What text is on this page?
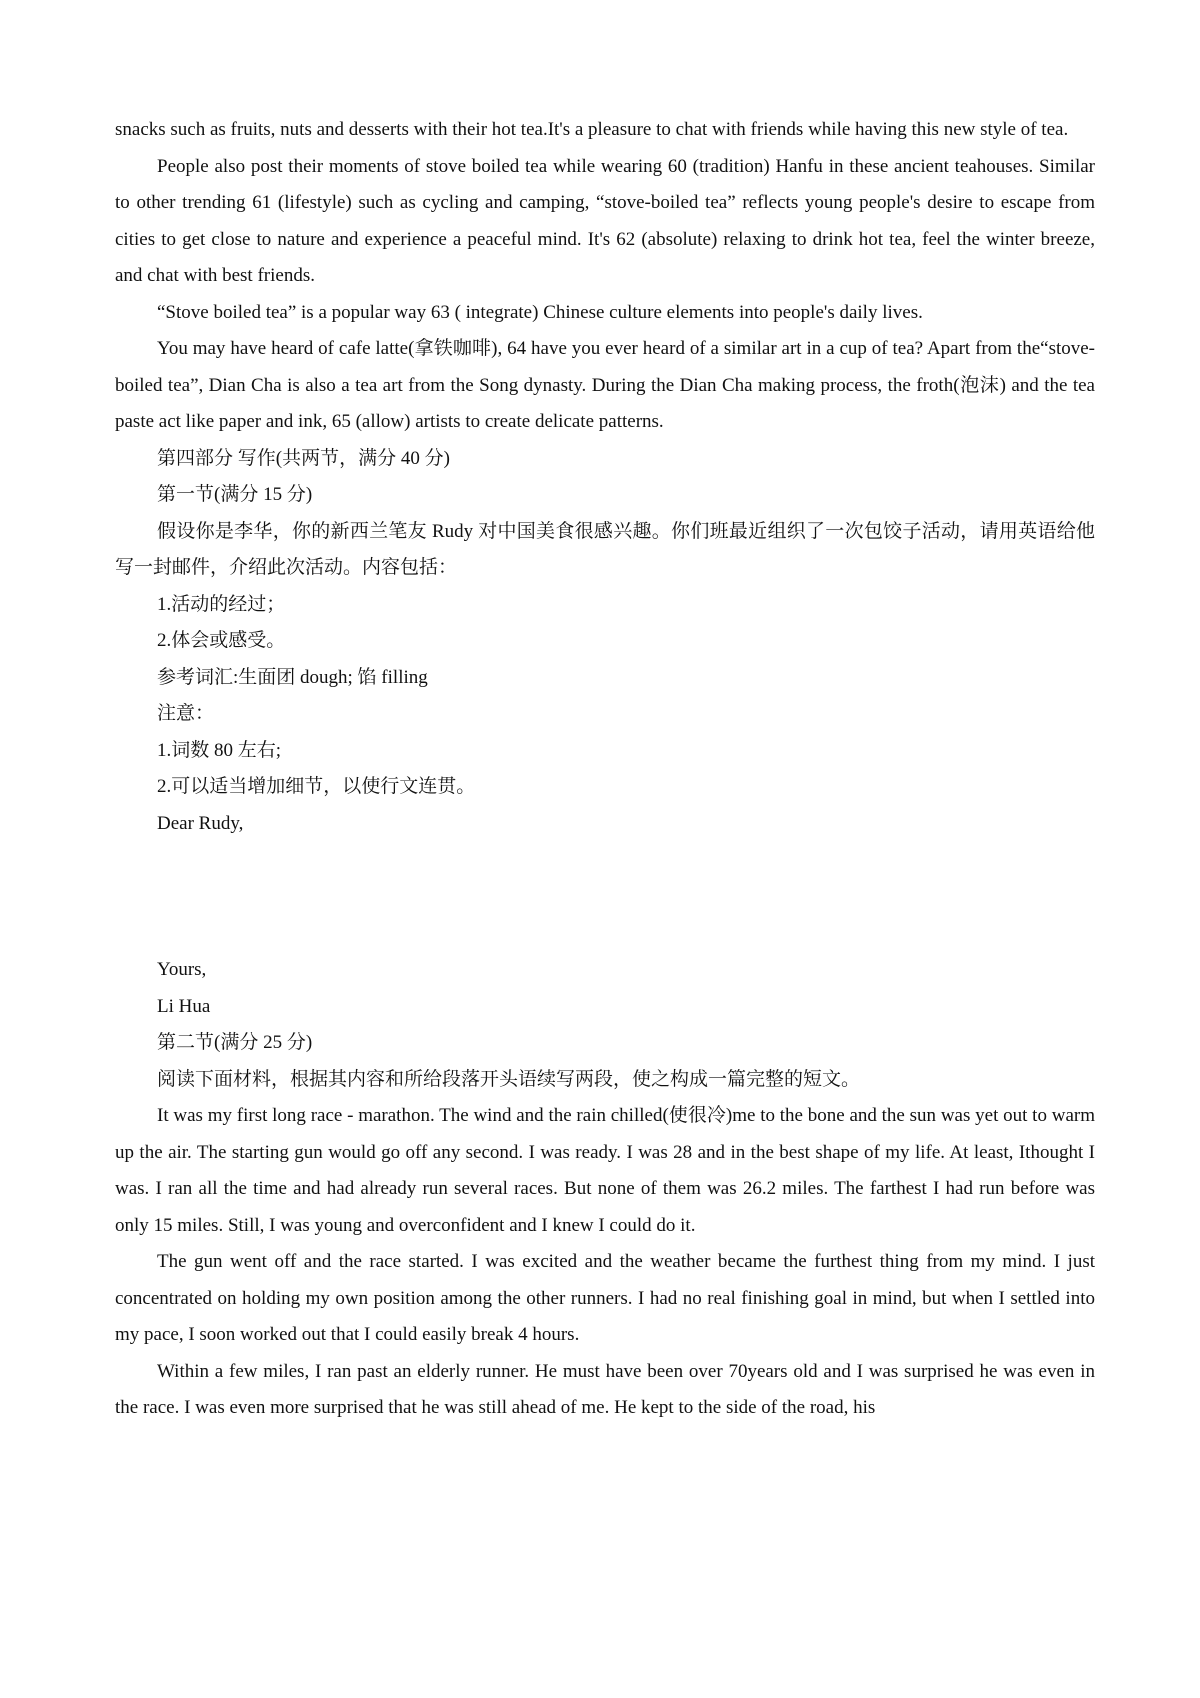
snacks such as fruits, nuts and desserts with their hot tea.It's a pleasure to chat with friends while having this new style of tea.

People also post their moments of stove boiled tea while wearing 60 (tradition) Hanfu in these ancient teahouses. Similar to other trending 61 (lifestyle) such as cycling and camping, “stove-boiled tea” reflects young people's desire to escape from cities to get close to nature and experience a peaceful mind. It's 62 (absolute) relaxing to drink hot tea, feel the winter breeze, and chat with best friends.

“Stove boiled tea” is a popular way 63 ( integrate) Chinese culture elements into people's daily lives.

You may have heard of cafe latte(拿铁咖啡), 64 have you ever heard of a similar art in a cup of tea? Apart from the“stove-boiled tea”, Dian Cha is also a tea art from the Song dynasty. During the Dian Cha making process, the froth(泡沫) and the tea paste act like paper and ink, 65 (allow) artists to create delicate patterns.

第四部分 写作(共两节，满分 40 分)

第一节(满分 15 分)

假设你是李华，你的新西兰笔友 Rudy 对中国美食很感兴趣。你们班最近组织了一次包饺子活动，请用英语给他写一封邮件，介绍此次活动。内容包括：

1.活动的经过；

2.体会或感受。

参考词汇:生面团 dough; 馅 filling

注意：

1.词数 80 左右;

2.可以适当增加细节，以使行文连贯。

Dear Rudy,

Yours,

Li Hua

第二节(满分 25 分)

阅读下面材料，根据其内容和所给段落开头语续写两段，使之构成一篇完整的短文。

It was my first long race - marathon. The wind and the rain chilled(使很冷)me to the bone and the sun was yet out to warm up the air. The starting gun would go off any second. I was ready. I was 28 and in the best shape of my life. At least, Ithought I was. I ran all the time and had already run several races. But none of them was 26.2 miles. The farthest I had run before was only 15 miles. Still, I was young and overconfident and I knew I could do it.

The gun went off and the race started. I was excited and the weather became the furthest thing from my mind. I just concentrated on holding my own position among the other runners. I had no real finishing goal in mind, but when I settled into my pace, I soon worked out that I could easily break 4 hours.

Within a few miles, I ran past an elderly runner. He must have been over 70years old and I was surprised he was even in the race. I was even more surprised that he was still ahead of me. He kept to the side of the road, his
